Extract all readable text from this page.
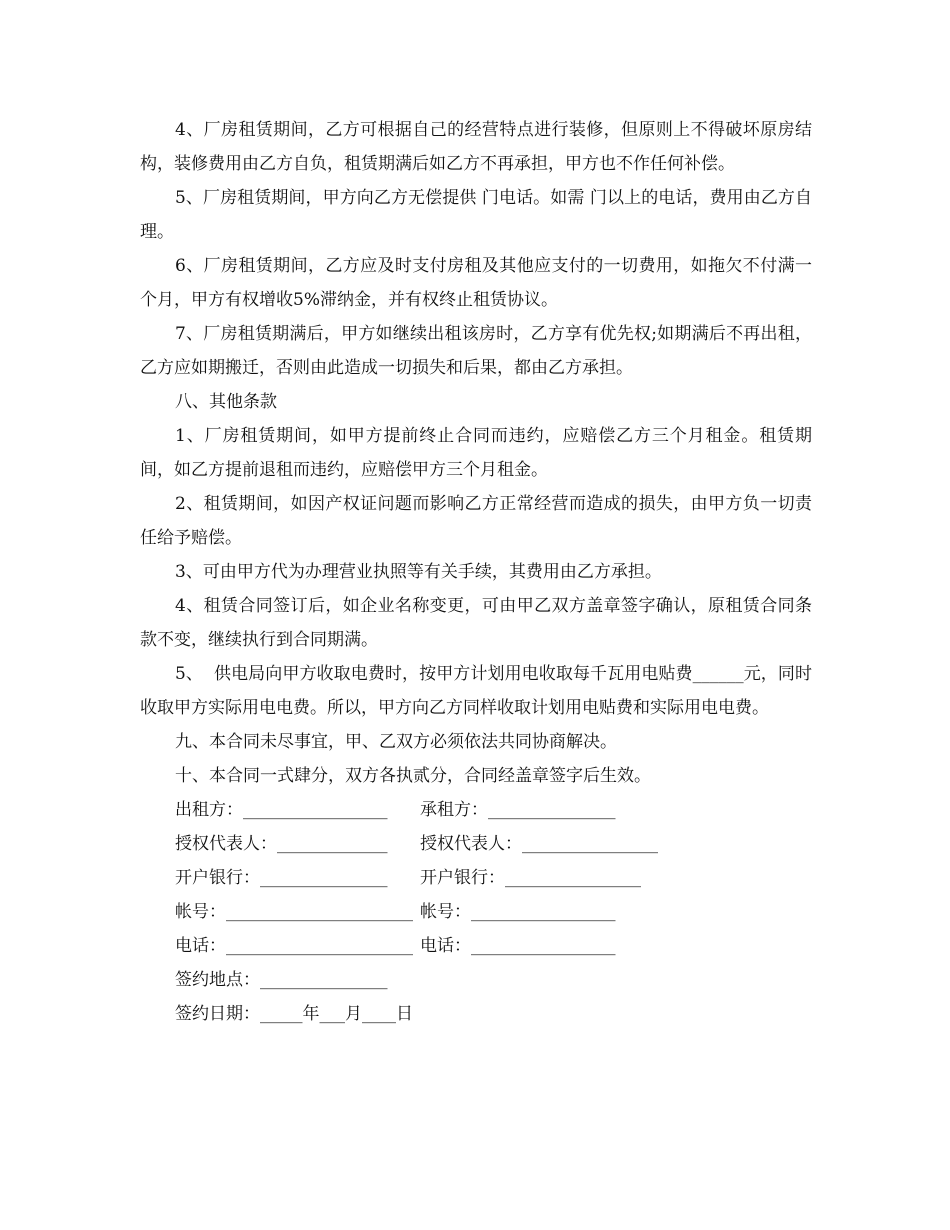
4、厂房租赁期间，乙方可根据自己的经营特点进行装修，但原则上不得破坏原房结构，装修费用由乙方自负，租赁期满后如乙方不再承担，甲方也不作任何补偿。

5、厂房租赁期间，甲方向乙方无偿提供 门电话。如需 门以上的电话，费用由乙方自理。

6、厂房租赁期间，乙方应及时支付房租及其他应支付的一切费用，如拖欠不付满一个月，甲方有权增收5%滞纳金，并有权终止租赁协议。

7、厂房租赁期满后，甲方如继续出租该房时，乙方享有优先权;如期满后不再出租，乙方应如期搬迁，否则由此造成一切损失和后果，都由乙方承担。

八、其他条款

1、厂房租赁期间，如甲方提前终止合同而违约，应赔偿乙方三个月租金。租赁期间，如乙方提前退租而违约，应赔偿甲方三个月租金。

2、租赁期间，如因产权证问题而影响乙方正常经营而造成的损失，由甲方负一切责任给予赔偿。

3、可由甲方代为办理营业执照等有关手续，其费用由乙方承担。

4、租赁合同签订后，如企业名称变更，可由甲乙双方盖章签字确认，原租赁合同条款不变，继续执行到合同期满。

5、  供电局向甲方收取电费时，按甲方计划用电收取每千瓦用电贴费______元，同时收取甲方实际用电电费。所以，甲方向乙方同样收取计划用电贴费和实际用电电费。

九、本合同未尽事宜，甲、乙双方必须依法共同协商解决。

十、本合同一式肆分，双方各执贰分，合同经盖章签字后生效。

出租方：_________________	承租方：_______________
授权代表人：_____________	授权代表人：________________
开户银行：_______________	开户银行：________________
帐号：______________________ 帐号：_________________
电话：______________________ 电话：_________________
签约地点：_______________
签约日期：_____年___月____日
